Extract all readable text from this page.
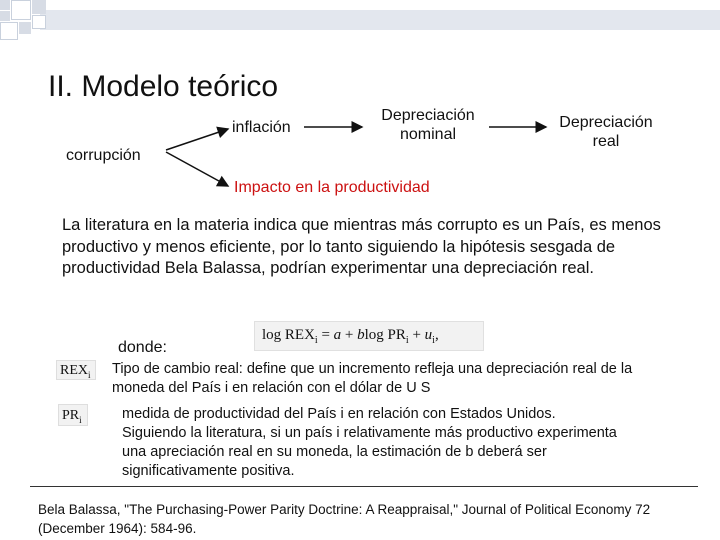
II. Modelo teórico
inflación
corrupción
Depreciación
nominal
Depreciación
real
Impacto en la productividad
La literatura en la materia indica que mientras más corrupto es un País, es menos productivo y menos eficiente, por lo tanto siguiendo la hipótesis sesgada de productividad Bela Balassa, podrían experimentar una depreciación real.
donde:
$\log REX_i = a + blog$ $PR_i + u_i$,
$REX_i$	Tipo de cambio real: define que un incremento refleja una depreciación real de la moneda del País i en relación con el dólar de U S
$PR_i$	medida de productividad del País i en relación con Estados Unidos. Siguiendo la literatura, si un país i relativamente más productivo experimenta una apreciación real en su moneda, la estimación de b deberá ser significativamente positiva.
Bela Balassa, "The Purchasing-Power Parity Doctrine: A Reappraisal," Journal of Political Economy 72 (December 1964): 584-96.
